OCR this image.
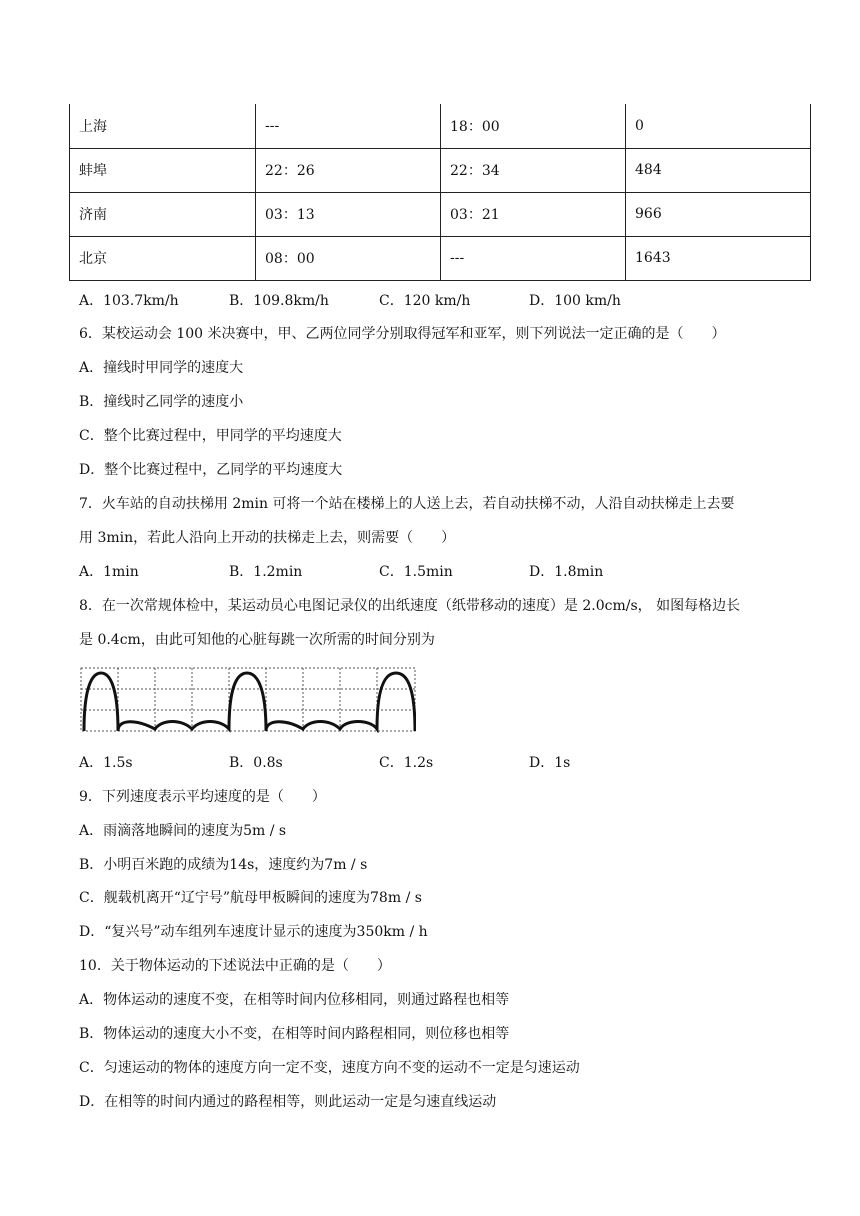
上海	---	18：00	0
蚌埠	22：26	22：34	484
济南	03：13	03：21	966
北京	08：00	---	1643
A．103.7km/h	B．109.8km/h	C．120 km/h	D．100 km/h
6．某校运动会 100 米决赛中，甲、乙两位同学分别取得冠军和亚军，则下列说法一定正确的是（　　）
A．撞线时甲同学的速度大
B．撞线时乙同学的速度小
C．整个比赛过程中，甲同学的平均速度大
D．整个比赛过程中，乙同学的平均速度大
7．火车站的自动扶梯用 2min 可将一个站在楼梯上的人送上去，若自动扶梯不动，人沿自动扶梯走上去要
用 3min，若此人沿向上开动的扶梯走上去，则需要（　　）
A．1min	B．1.2min	C．1.5min	D．1.8min
8．在一次常规体检中，某运动员心电图记录仪的出纸速度（纸带移动的速度）是 2.0cm/s， 如图每格边长
是 0.4cm，由此可知他的心脏每跳一次所需的时间分别为
A．1.5s	B．0.8s	C．1.2s	D．1s
9．下列速度表示平均速度的是（　　）
A．雨滴落地瞬间的速度为5m / s
B．小明百米跑的成绩为14s，速度约为7m / s
C．舰载机离开“辽宁号”航母甲板瞬间的速度为78m / s
D．“复兴号”动车组列车速度计显示的速度为350km / h
10．关于物体运动的下述说法中正确的是（　　）
A．物体运动的速度不变，在相等时间内位移相同，则通过路程也相等
B．物体运动的速度大小不变，在相等时间内路程相同，则位移也相等
C．匀速运动的物体的速度方向一定不变，速度方向不变的运动不一定是匀速运动
D．在相等的时间内通过的路程相等，则此运动一定是匀速直线运动
